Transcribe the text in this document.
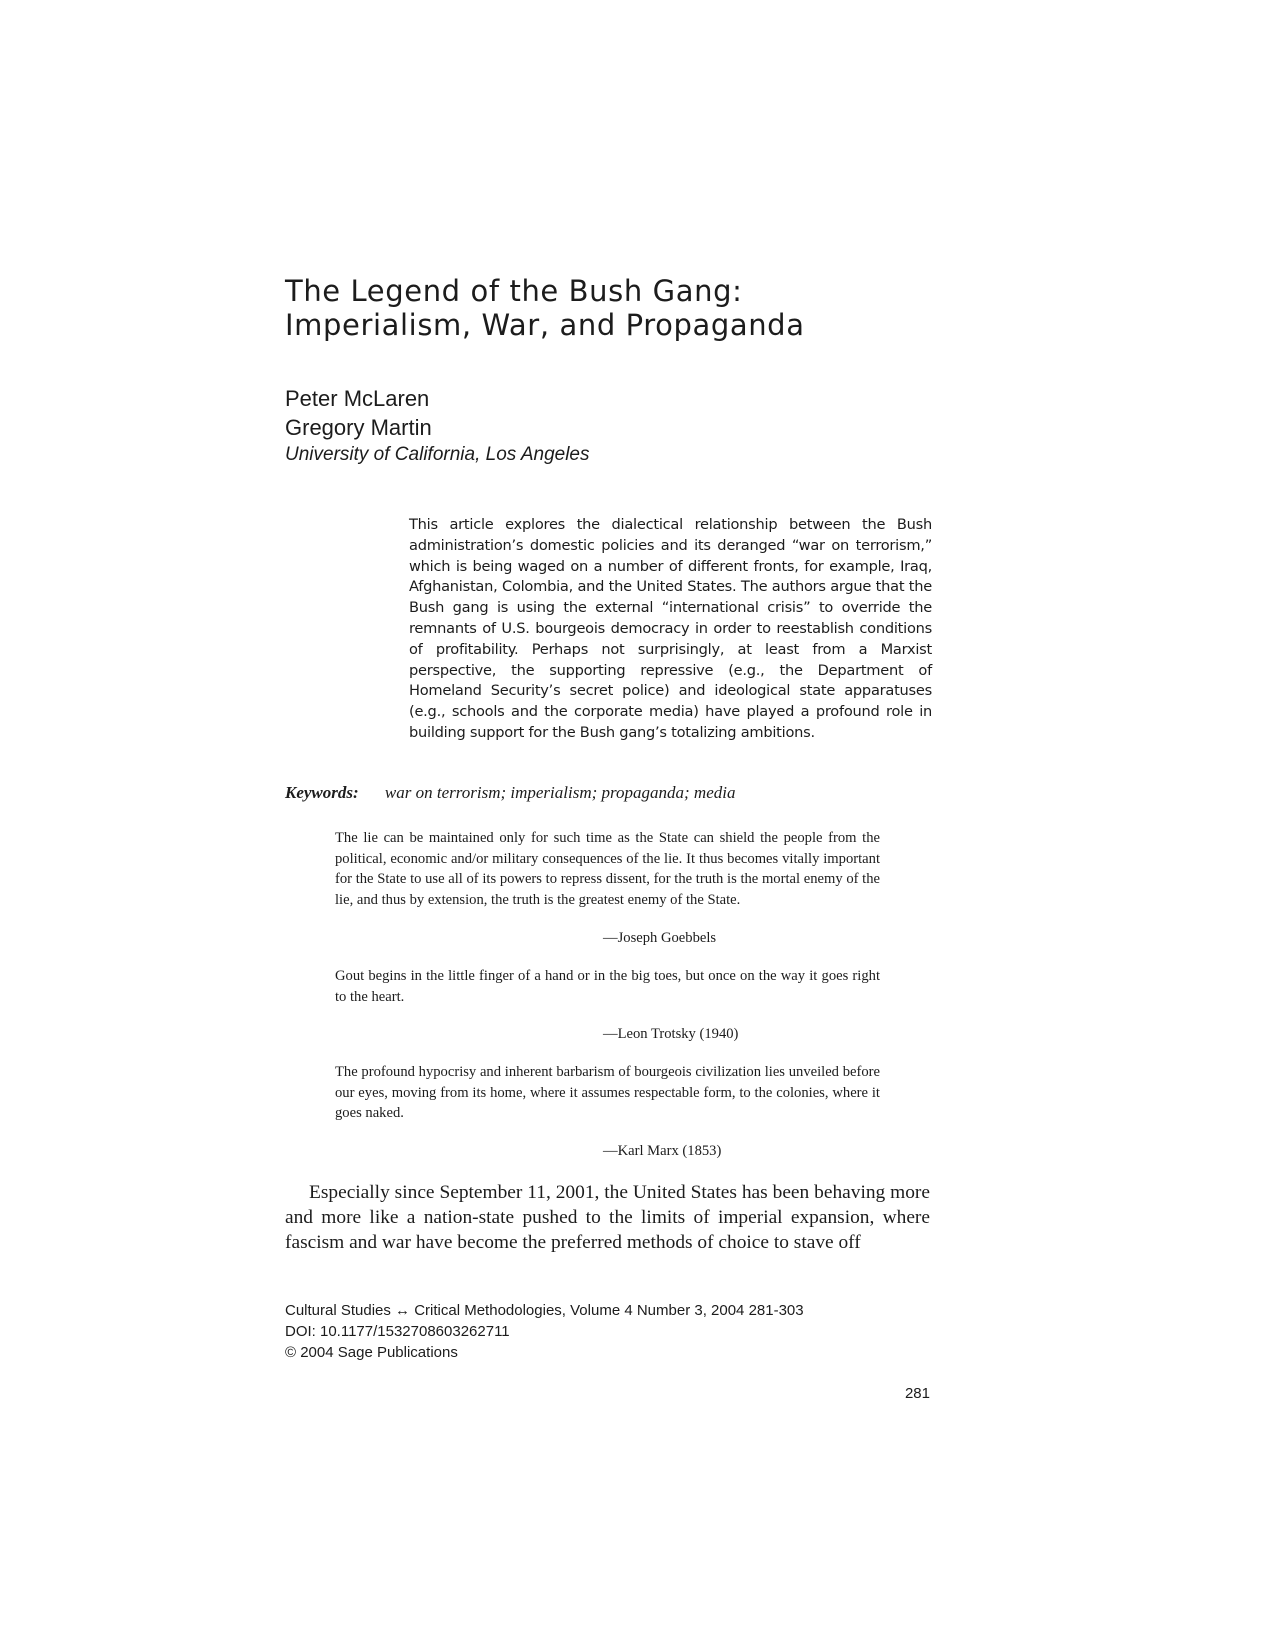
The Legend of the Bush Gang:
Imperialism, War, and Propaganda
Peter McLaren
Gregory Martin
University of California, Los Angeles

This article explores the dialectical relationship between the Bush administration’s domestic policies and its deranged “war on terrorism,” which is being waged on a number of different fronts, for example, Iraq, Afghanistan, Colombia, and the United States. The authors argue that the Bush gang is using the external “international crisis” to override the remnants of U.S. bourgeois democracy in order to reestablish conditions of profitability. Perhaps not surprisingly, at least from a Marxist perspective, the supporting repressive (e.g., the Department of Homeland Security’s secret police) and ideological state apparatuses (e.g., schools and the corporate media) have played a profound role in building support for the Bush gang’s totalizing ambitions.

Keywords: war on terrorism; imperialism; propaganda; media

The lie can be maintained only for such time as the State can shield the people from the political, economic and/or military consequences of the lie. It thus becomes vitally important for the State to use all of its powers to repress dissent, for the truth is the mortal enemy of the lie, and thus by extension, the truth is the greatest enemy of the State.

—Joseph Goebbels

Gout begins in the little finger of a hand or in the big toes, but once on the way it goes right to the heart.

—Leon Trotsky (1940)

The profound hypocrisy and inherent barbarism of bourgeois civilization lies unveiled before our eyes, moving from its home, where it assumes respectable form, to the colonies, where it goes naked.

—Karl Marx (1853)

Especially since September 11, 2001, the United States has been behaving more and more like a nation-state pushed to the limits of imperial expansion, where fascism and war have become the preferred methods of choice to stave off

Cultural Studies ↔ Critical Methodologies, Volume 4 Number 3, 2004 281-303
DOI: 10.1177/1532708603262711
© 2004 Sage Publications
281
